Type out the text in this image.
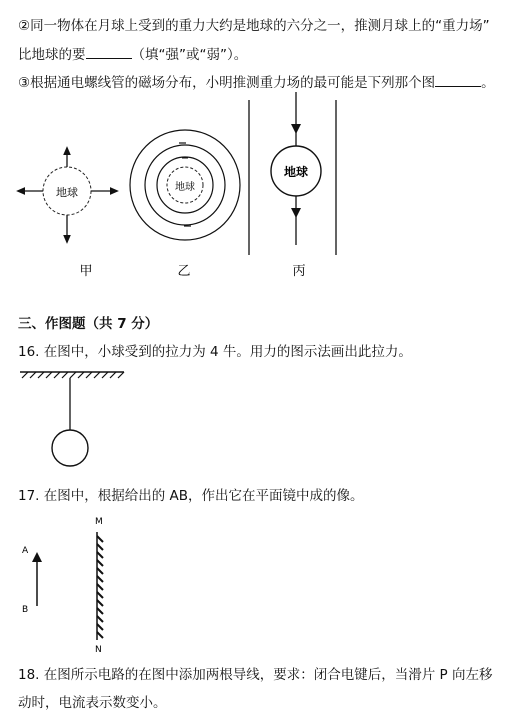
②同一物体在月球上受到的重力大约是地球的六分之一，推测月球上的“重力场”
比地球的要	（填“强”或“弱”）。
③根据通电螺线管的磁场分布，小明推测重力场的最可能是下列那个图	。
地球	地球
地球
甲	乙	丙
A
B
M
N
三、作图题（共 7 分）
16. 在图中，小球受到的拉力为 4 牛。用力的图示法画出此拉力。
17. 在图中，根据给出的 AB，作出它在平面镜中成的像。
18. 在图所示电路的在图中添加两根导线，要求：闭合电键后，当滑片 P 向左移
动时，电流表示数变小。
